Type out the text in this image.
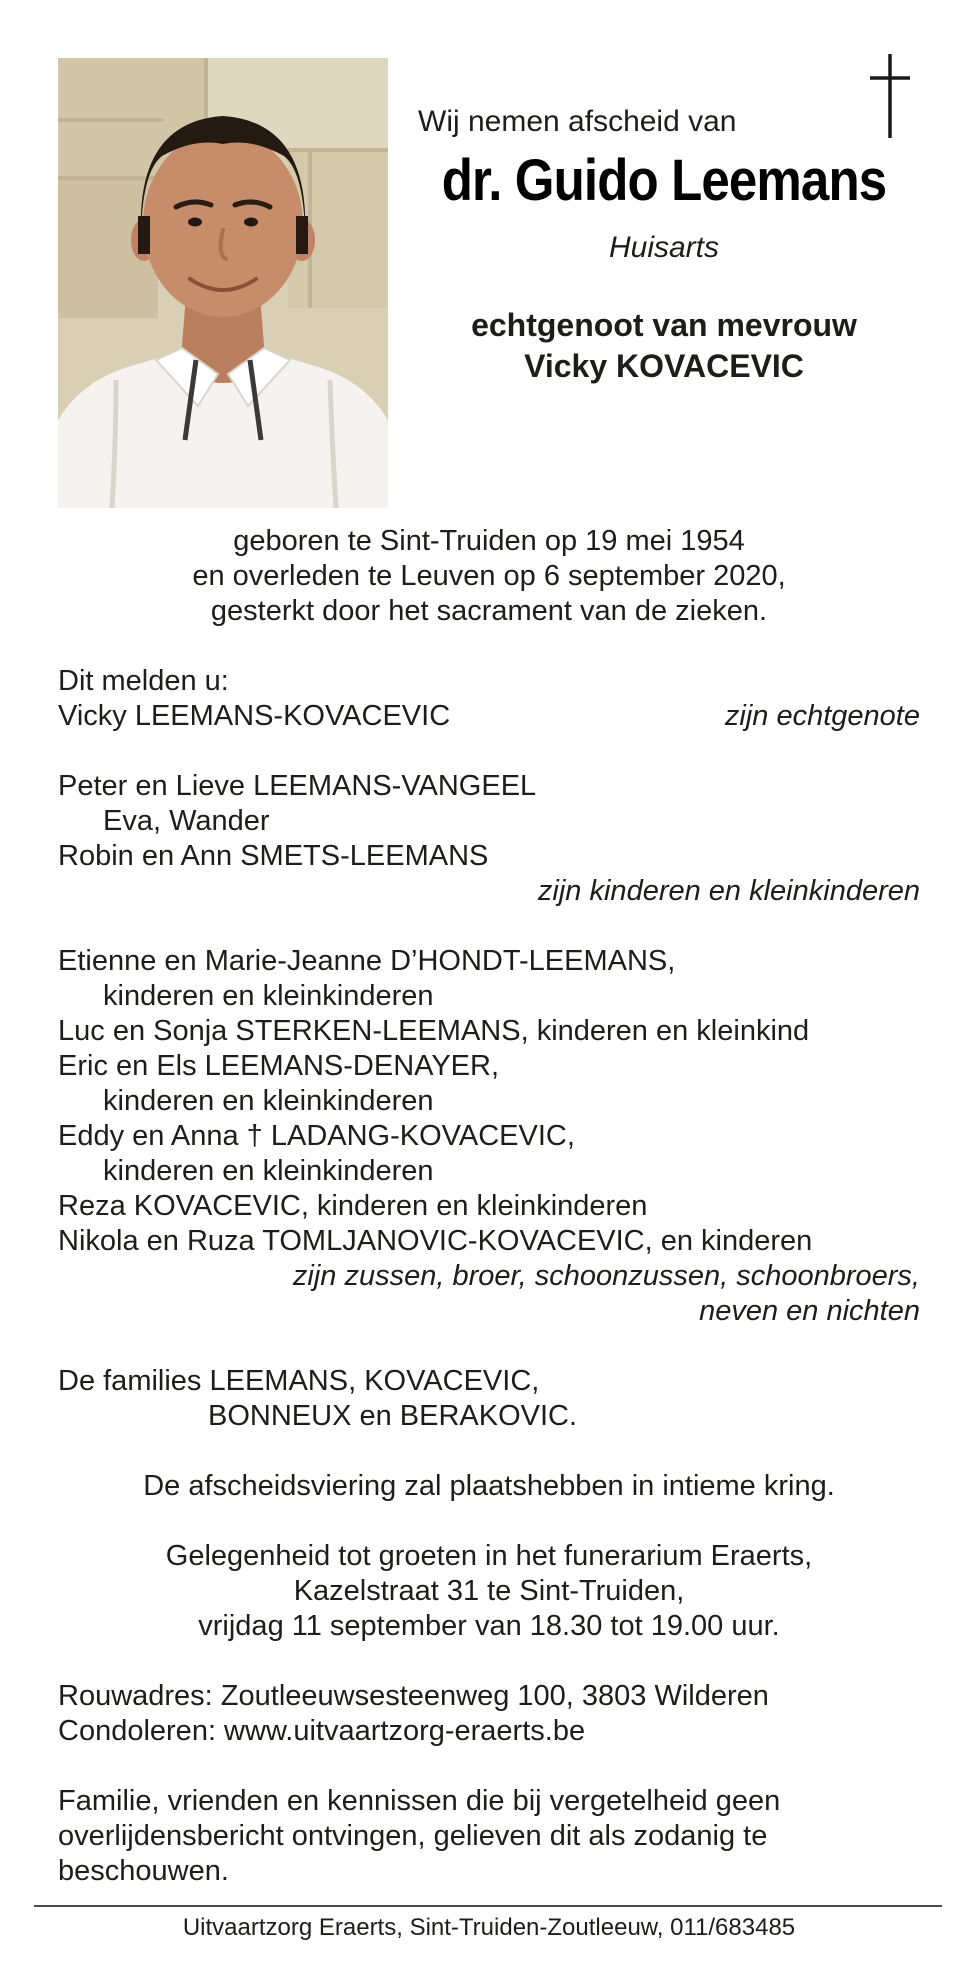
Wij nemen afscheid van
dr. Guido Leemans
Huisarts
echtgenoot van mevrouw
Vicky KOVACEVIC
geboren te Sint-Truiden op 19 mei 1954
en overleden te Leuven op 6 september 2020,
gesterkt door het sacrament van de zieken.
Dit melden u:
Vicky LEEMANS-KOVACEVIC	zijn echtgenote
Peter en Lieve LEEMANS-VANGEEL
Eva, Wander
Robin en Ann SMETS-LEEMANS
zijn kinderen en kleinkinderen
Etienne en Marie-Jeanne D’HONDT-LEEMANS,
kinderen en kleinkinderen
Luc en Sonja STERKEN-LEEMANS, kinderen en kleinkind
Eric en Els LEEMANS-DENAYER,
kinderen en kleinkinderen
Eddy en Anna † LADANG-KOVACEVIC,
kinderen en kleinkinderen
Reza KOVACEVIC, kinderen en kleinkinderen
Nikola en Ruza TOMLJANOVIC-KOVACEVIC, en kinderen
zijn zussen, broer, schoonzussen, schoonbroers,
neven en nichten
De families LEEMANS, KOVACEVIC,
BONNEUX en BERAKOVIC.
De afscheidsviering zal plaatshebben in intieme kring.
Gelegenheid tot groeten in het funerarium Eraerts,
Kazelstraat 31 te Sint-Truiden,
vrijdag 11 september van 18.30 tot 19.00 uur.
Rouwadres: Zoutleeuwsesteenweg 100, 3803 Wilderen
Condoleren: www.uitvaartzorg-eraerts.be
Familie, vrienden en kennissen die bij vergetelheid geen
overlijdensbericht ontvingen, gelieven dit als zodanig te
beschouwen.
Uitvaartzorg Eraerts, Sint-Truiden-Zoutleeuw, 011/683485
